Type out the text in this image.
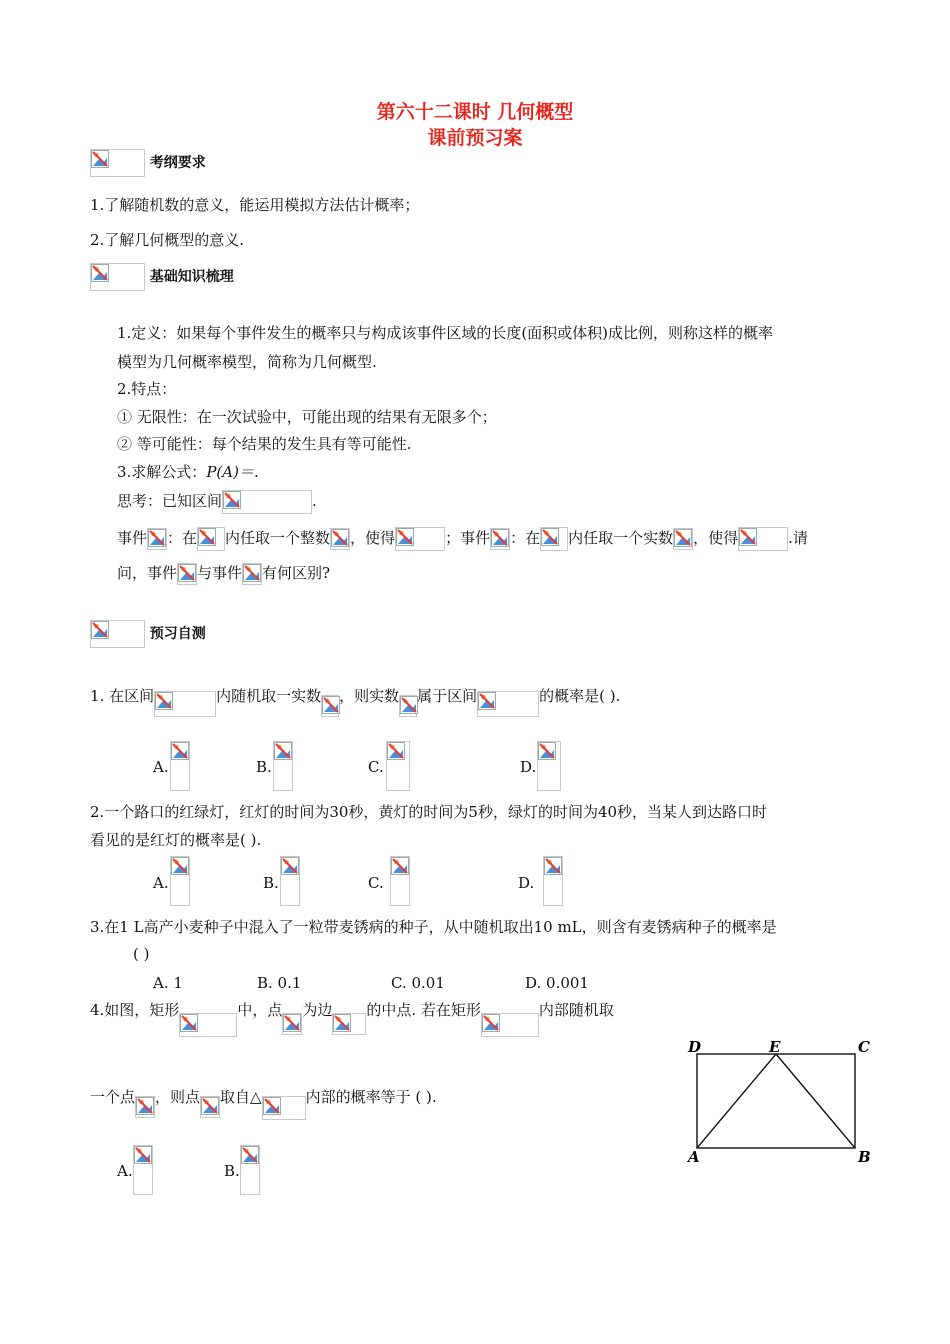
第六十二课时 几何概型
课前预习案
考纲要求
1.了解随机数的意义，能运用模拟方法估计概率；
2.了解几何概型的意义.
基础知识梳理
1.定义：如果每个事件发生的概率只与构成该事件区域的长度(面积或体积)成比例，则称这样的概率
模型为几何概率模型，简称为几何概型.
2.特点：
① 无限性：在一次试验中，可能出现的结果有无限多个；
② 等可能性：每个结果的发生具有等可能性.
3.求解公式：P(A)＝.
思考：已知区间	.
事件 ：在 内任取一个整数 ，使得	；事件 ：在 内任取一个实数 ，使得	.请
问，事件 与事件 有何区别?
预习自测
1. 在区间	内随机取一实数 ，则实数 属于区间	的概率是( ).
A.	B.	C.	D.
2.一个路口的红绿灯，红灯的时间为30秒，黄灯的时间为5秒，绿灯的时间为40秒，当某人到达路口时
看见的是红灯的概率是( ).
A.	B.	C.	D.
3.在1 L高产小麦种子中混入了一粒带麦锈病的种子，从中随机取出10 mL，则含有麦锈病种子的概率是
( )
A. 1	B. 0.1	C. 0.01	D. 0.001
4.如图，矩形	中，点 为边 的中点. 若在矩形	内部随机取
一个点 ，则点 取自△	内部的概率等于 ( ).
A.	B.
D	E	C
A	B
